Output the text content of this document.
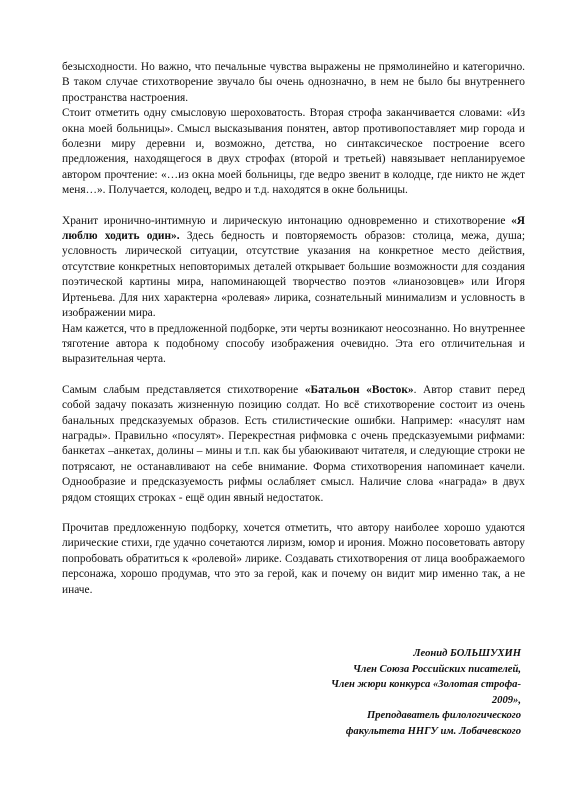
безысходности. Но важно, что печальные чувства выражены не прямолинейно и категорично. В таком случае стихотворение звучало бы очень однозначно, в нем не было бы внутреннего пространства настроения.

Стоит отметить одну смысловую шероховатость. Вторая строфа заканчивается словами: «Из окна моей больницы». Смысл высказывания понятен, автор противопоставляет мир города и болезни миру деревни и, возможно, детства, но синтаксическое построение всего предложения, находящегося в двух строфах (второй и третьей) навязывает непланируемое автором прочтение: «…из окна моей больницы, где ведро звенит в колодце, где никто не ждет меня…». Получается, колодец, ведро и т.д. находятся в окне больницы.

Хранит иронично-интимную и лирическую интонацию одновременно и стихотворение «Я люблю ходить один». Здесь бедность и повторяемость образов: столица, межа, душа; условность лирической ситуации, отсутствие указания на конкретное место действия, отсутствие конкретных неповторимых деталей открывает большие возможности для создания поэтической картины мира, напоминающей творчество поэтов «лианозовцев» или Игоря Иртеньева. Для них характерна «ролевая» лирика, сознательный минимализм и условность в изображении мира.

Нам кажется, что в предложенной подборке, эти черты возникают неосознанно. Но внутреннее тяготение автора к подобному способу изображения очевидно. Эта его отличительная и выразительная черта.

Самым слабым представляется стихотворение «Батальон «Восток». Автор ставит перед собой задачу показать жизненную позицию солдат. Но всё стихотворение состоит из очень банальных предсказуемых образов. Есть стилистические ошибки. Например: «насулят нам награды». Правильно «посулят». Перекрестная рифмовка с очень предсказуемыми рифмами: банкетах –анкетах, долины – мины и т.п. как бы убаюкивают читателя, и следующие строки не потрясают, не останавливают на себе внимание. Форма стихотворения напоминает качели. Однообразие и предсказуемость рифмы ослабляет смысл. Наличие слова «награда» в двух рядом стоящих строках - ещё один явный недостаток.

Прочитав предложенную подборку, хочется отметить, что автору наиболее хорошо удаются лирические стихи, где удачно сочетаются лиризм, юмор и ирония. Можно посоветовать автору попробовать обратиться к «ролевой» лирике. Создавать стихотворения от лица воображаемого персонажа, хорошо продумав, что это за герой, как и почему он видит мир именно так, а не иначе.

Леонид БОЛЬШУХИН
Член Союза Российских писателей,
Член жюри конкурса «Золотая строфа-
2009»,
Преподаватель филологического
факультета ННГУ им. Лобачевского
